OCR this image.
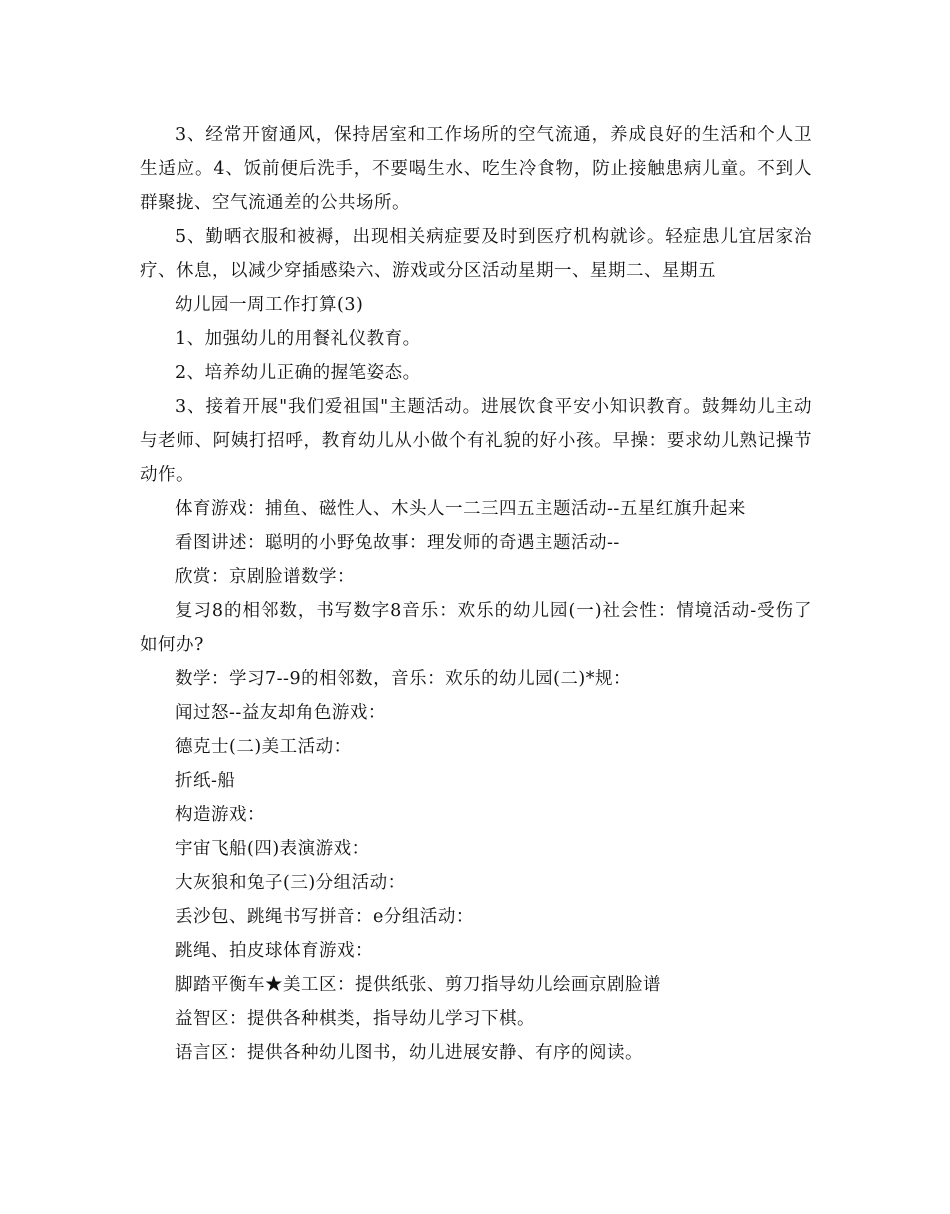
3、经常开窗通风，保持居室和工作场所的空气流通，养成良好的生活和个人卫生适应。4、饭前便后洗手，不要喝生水、吃生冷食物，防止接触患病儿童。不到人群聚拢、空气流通差的公共场所。

5、勤晒衣服和被褥，出现相关病症要及时到医疗机构就诊。轻症患儿宜居家治疗、休息，以减少穿插感染六、游戏或分区活动星期一、星期二、星期五

幼儿园一周工作打算(3)

1、加强幼儿的用餐礼仪教育。

2、培养幼儿正确的握笔姿态。

3、接着开展"我们爱祖国"主题活动。进展饮食平安小知识教育。鼓舞幼儿主动与老师、阿姨打招呼，教育幼儿从小做个有礼貌的好小孩。早操：要求幼儿熟记操节动作。

体育游戏：捕鱼、磁性人、木头人一二三四五主题活动--五星红旗升起来

看图讲述：聪明的小野兔故事：理发师的奇遇主题活动--

欣赏：京剧脸谱数学：

复习8的相邻数，书写数字8音乐：欢乐的幼儿园(一)社会性：情境活动-受伤了如何办?

数学：学习7--9的相邻数，音乐：欢乐的幼儿园(二)*规：

闻过怒--益友却角色游戏：

德克士(二)美工活动：

折纸-船

构造游戏：

宇宙飞船(四)表演游戏：

大灰狼和兔子(三)分组活动：

丢沙包、跳绳书写拼音：e分组活动：

跳绳、拍皮球体育游戏：

脚踏平衡车★美工区：提供纸张、剪刀指导幼儿绘画京剧脸谱

益智区：提供各种棋类，指导幼儿学习下棋。

语言区：提供各种幼儿图书，幼儿进展安静、有序的阅读。
